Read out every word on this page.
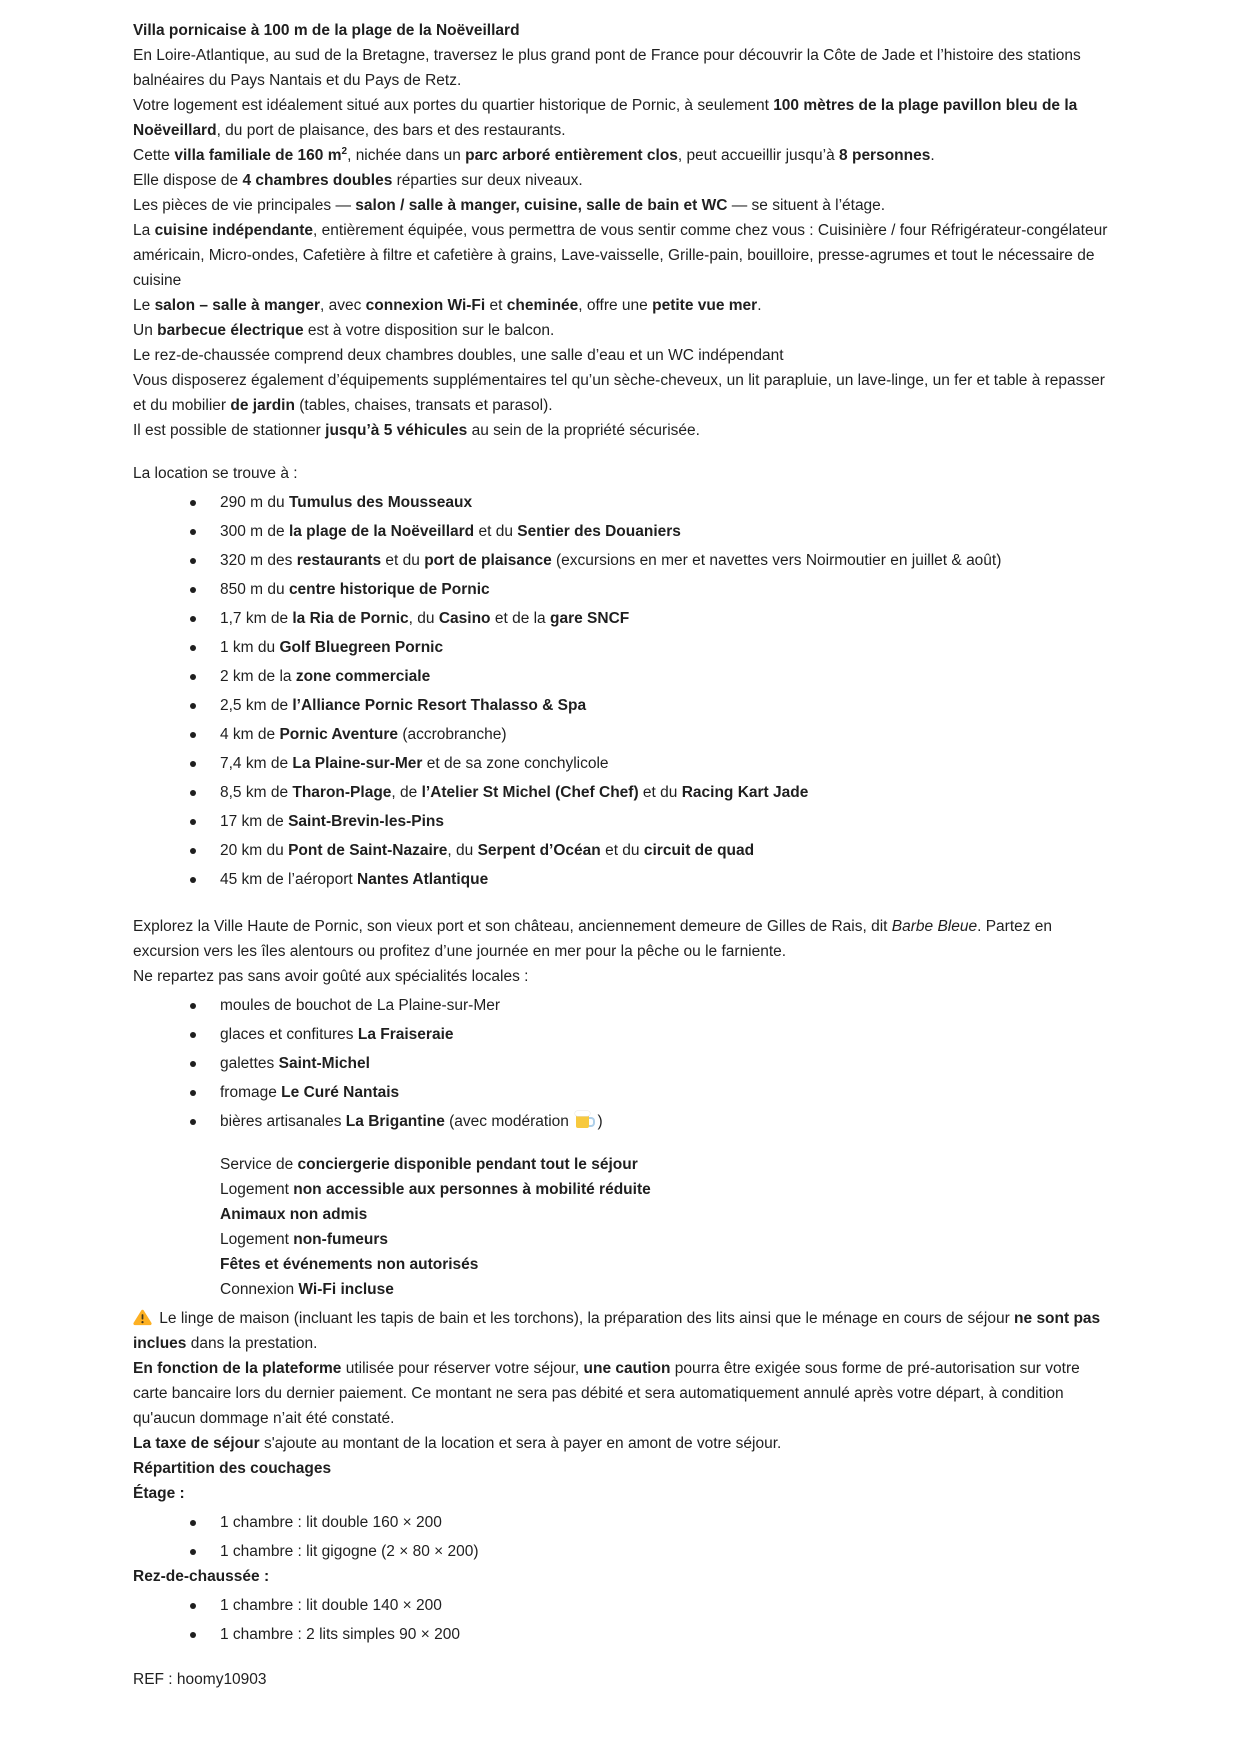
Villa pornicaise à 100 m de la plage de la Noëveillard

En Loire-Atlantique, au sud de la Bretagne, traversez le plus grand pont de France pour découvrir la Côte de Jade et l’histoire des stations balnéaires du Pays Nantais et du Pays de Retz.

Votre logement est idéalement situé aux portes du quartier historique de Pornic, à seulement 100 mètres de la plage pavillon bleu de la Noëveillard, du port de plaisance, des bars et des restaurants.

Cette villa familiale de 160 $m^2$, nichée dans un parc arboré entièrement clos, peut accueillir jusqu’à 8 personnes.

Elle dispose de 4 chambres doubles réparties sur deux niveaux.

Les pièces de vie principales — salon / salle à manger, cuisine, salle de bain et WC — se situent à l’étage.

La cuisine indépendante, entièrement équipée, vous permettra de vous sentir comme chez vous : Cuisinière / four Réfrigérateur-congélateur américain, Micro-ondes, Cafetière à filtre et cafetière à grains, Lave-vaisselle, Grille-pain, bouilloire, presse-agrumes et tout le nécessaire de cuisine

Le salon – salle à manger, avec connexion Wi-Fi et cheminée, offre une petite vue mer.

Un barbecue électrique est à votre disposition sur le balcon.

Le rez-de-chaussée comprend deux chambres doubles, une salle d’eau et un WC indépendant

Vous disposerez également d’équipements supplémentaires tel qu’un sèche-cheveux, un lit parapluie, un lave-linge, un fer et table à repasser et du mobilier de jardin (tables, chaises, transats et parasol).

Il est possible de stationner jusqu’à 5 véhicules au sein de la propriété sécurisée.

La location se trouve à :

290 m du Tumulus des Mousseaux
300 m de la plage de la Noëveillard et du Sentier des Douaniers
320 m des restaurants et du port de plaisance (excursions en mer et navettes vers Noirmoutier en juillet & août)
850 m du centre historique de Pornic
1,7 km de la Ria de Pornic, du Casino et de la gare SNCF
1 km du Golf Bluegreen Pornic
2 km de la zone commerciale
2,5 km de l’Alliance Pornic Resort Thalasso & Spa
4 km de Pornic Aventure (accrobranche)
7,4 km de La Plaine-sur-Mer et de sa zone conchylicole
8,5 km de Tharon-Plage, de l’Atelier St Michel (Chef Chef) et du Racing Kart Jade
17 km de Saint-Brevin-les-Pins
20 km du Pont de Saint-Nazaire, du Serpent d’Océan et du circuit de quad
45 km de l’aéroport Nantes Atlantique

Explorez la Ville Haute de Pornic, son vieux port et son château, anciennement demeure de Gilles de Rais, dit Barbe Bleue. Partez en excursion vers les îles alentours ou profitez d’une journée en mer pour la pêche ou le farniente.

Ne repartez pas sans avoir goûté aux spécialités locales :

moules de bouchot de La Plaine-sur-Mer
glaces et confitures La Fraiseraie
galettes Saint-Michel
fromage Le Curé Nantais
bières artisanales La Brigantine (avec modération  )

Service de conciergerie disponible pendant tout le séjour

Logement non accessible aux personnes à mobilité réduite

Animaux non admis

Logement non-fumeurs

Fêtes et événements non autorisés

Connexion Wi-Fi incluse

Le linge de maison (incluant les tapis de bain et les torchons), la préparation des lits ainsi que le ménage en cours de séjour ne sont pas inclues dans la prestation.

En fonction de la plateforme utilisée pour réserver votre séjour, une caution pourra être exigée sous forme de pré-autorisation sur votre carte bancaire lors du dernier paiement. Ce montant ne sera pas débité et sera automatiquement annulé après votre départ, à condition qu'aucun dommage n’ait été constaté.

La taxe de séjour s'ajoute au montant de la location et sera à payer en amont de votre séjour.

Répartition des couchages

Étage :

1 chambre : lit double 160 × 200
1 chambre : lit gigogne (2 × 80 × 200)

Rez-de-chaussée :

1 chambre : lit double 140 × 200
1 chambre : 2 lits simples 90 × 200

REF : hoomy10903
